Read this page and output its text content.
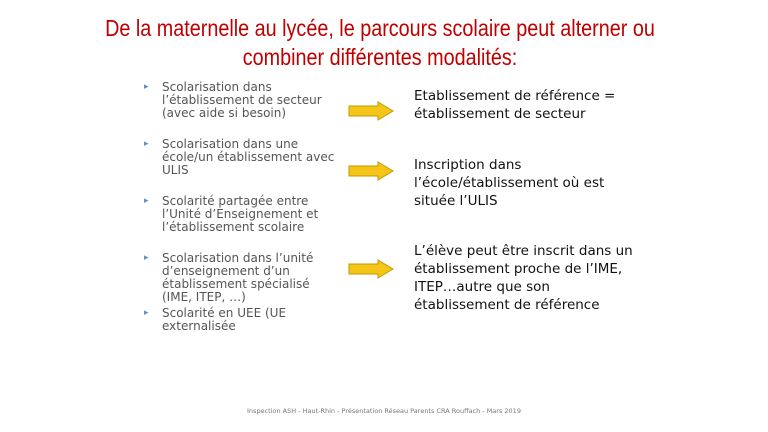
De la maternelle au lycée, le parcours scolaire peut alterner ou
combiner différentes modalités:
▸ Scolarisation dans
l’établissement de secteur
(avec aide si besoin)
▸ Scolarisation dans une
école/un établissement avec
ULIS
▸ Scolarité partagée entre
l’Unité d’Enseignement et
l’établissement scolaire
▸ Scolarisation dans l’unité
d’enseignement d’un
établissement spécialisé
(IME, ITEP, …)
▸ Scolarité en UEE (UE
externalisée
Etablissement de référence =
établissement de secteur
Inscription dans
l’école/établissement où est
située l’ULIS
L’élève peut être inscrit dans un
établissement proche de l’IME,
ITEP…autre que son
établissement de référence
Inspection ASH - Haut-Rhin - Présentation Réseau Parents CRA Rouffach - Mars 2019
